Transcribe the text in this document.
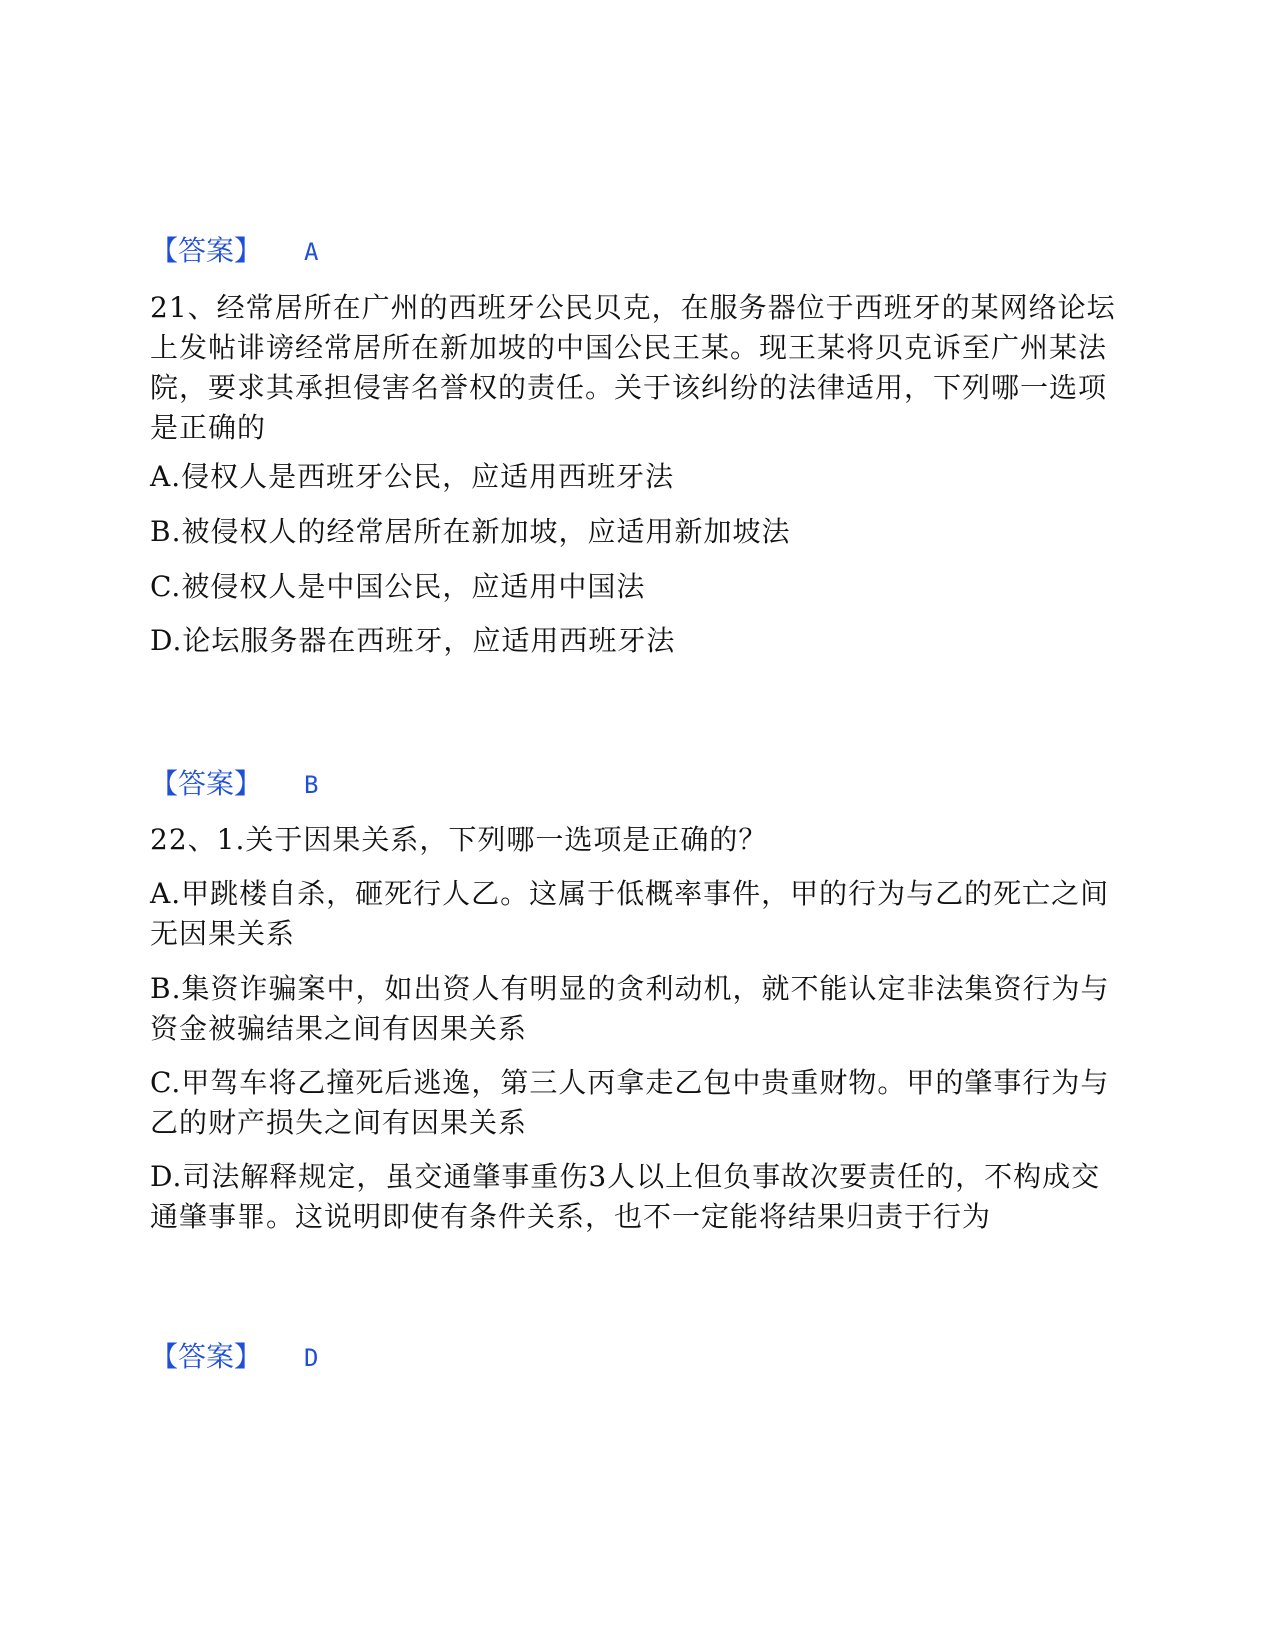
【答案】 A
21、经常居所在广州的西班牙公民贝克，在服务器位于西班牙的某网络论坛上发帖诽谤经常居所在新加坡的中国公民王某。现王某将贝克诉至广州某法院，要求其承担侵害名誉权的责任。关于该纠纷的法律适用，下列哪一选项是正确的
A.侵权人是西班牙公民，应适用西班牙法
B.被侵权人的经常居所在新加坡，应适用新加坡法
C.被侵权人是中国公民，应适用中国法
D.论坛服务器在西班牙，应适用西班牙法
【答案】 B
22、1.关于因果关系，下列哪一选项是正确的？
A.甲跳楼自杀，砸死行人乙。这属于低概率事件，甲的行为与乙的死亡之间无因果关系
B.集资诈骗案中，如出资人有明显的贪利动机，就不能认定非法集资行为与资金被骗结果之间有因果关系
C.甲驾车将乙撞死后逃逸，第三人丙拿走乙包中贵重财物。甲的肇事行为与乙的财产损失之间有因果关系
D.司法解释规定，虽交通肇事重伤3人以上但负事故次要责任的，不构成交通肇事罪。这说明即使有条件关系，也不一定能将结果归责于行为
【答案】 D
